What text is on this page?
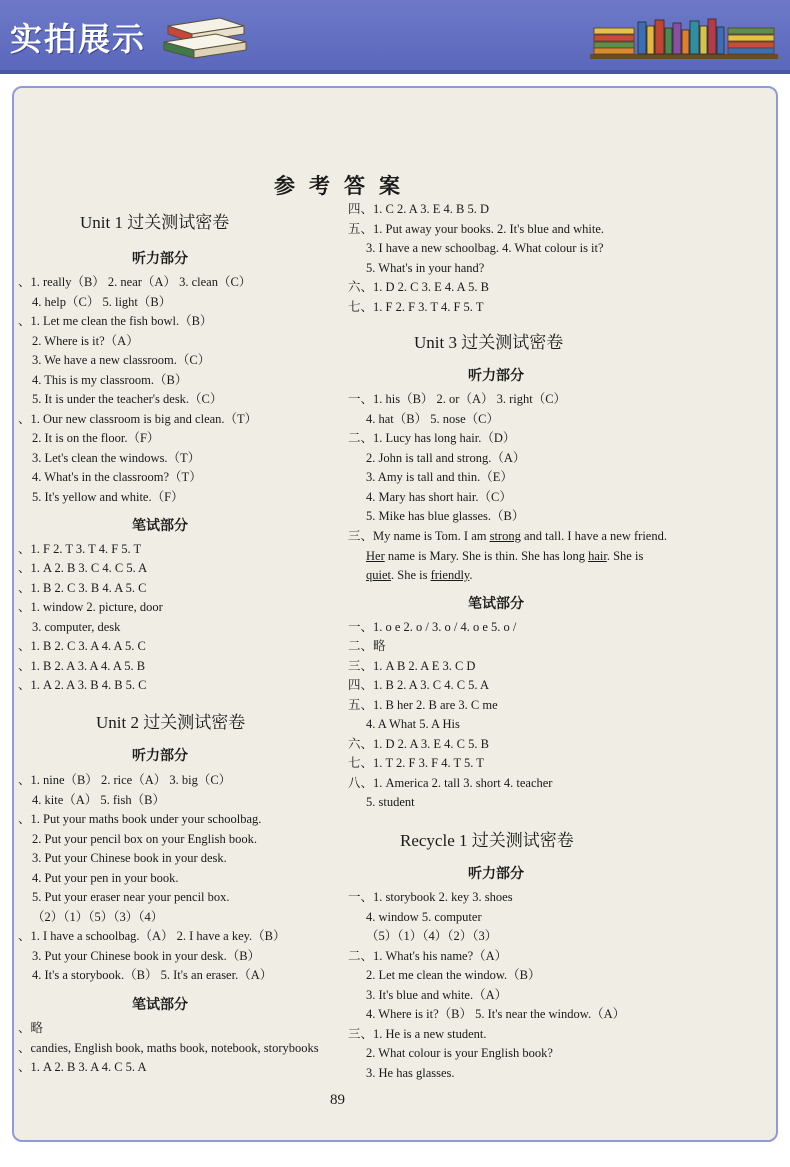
实拍展示
参考答案
Unit 1 过关测试密卷
听力部分
、1. really（B） 2. near（A） 3. clean（C）
4. help（C） 5. light（B）
、1. Let me clean the fish bowl.（B）
2. Where is it?（A）
3. We have a new classroom.（C）
4. This is my classroom.（B）
5. It is under the teacher's desk.（C）
、1. Our new classroom is big and clean.（T）
2. It is on the floor.（F）
3. Let's clean the windows.（T）
4. What's in the classroom?（T）
5. It's yellow and white.（F）
笔试部分
、1. F 2. T 3. T 4. F 5. T
、1. A 2. B 3. C 4. C 5. A
、1. B 2. C 3. B 4. A 5. C
、1. window 2. picture, door
3. computer, desk
、1. B 2. C 3. A 4. A 5. C
、1. B 2. A 3. A 4. A 5. B
、1. A 2. A 3. B 4. B 5. C
Unit 2 过关测试密卷
听力部分
、1. nine（B） 2. rice（A） 3. big（C）
4. kite（A） 5. fish（B）
、1. Put your maths book under your schoolbag.
2. Put your pencil box on your English book.
3. Put your Chinese book in your desk.
4. Put your pen in your book.
5. Put your eraser near your pencil box.
（2）（1）（5）（3）（4）
、1. I have a schoolbag.（A） 2. I have a key.（B）
3. Put your Chinese book in your desk.（B）
4. It's a storybook.（B） 5. It's an eraser.（A）
笔试部分
、略
、candies, English book, maths book, notebook, storybooks
、1. A 2. B 3. A 4. C 5. A
四、1. C 2. A 3. E 4. B 5. D
五、1. Put away your books. 2. It's blue and white.
3. I have a new schoolbag. 4. What colour is it?
5. What's in your hand?
六、1. D 2. C 3. E 4. A 5. B
七、1. F 2. F 3. T 4. F 5. T
Unit 3 过关测试密卷
听力部分
一、1. his（B） 2. or（A） 3. right（C）
4. hat（B） 5. nose（C）
二、1. Lucy has long hair.（D）
2. John is tall and strong.（A）
3. Amy is tall and thin.（E）
4. Mary has short hair.（C）
5. Mike has blue glasses.（B）
三、My name is Tom. I am strong and tall. I have a new friend.
Her name is Mary. She is thin. She has long hair. She is
quiet. She is friendly.
笔试部分
一、1. o e 2. o / 3. o / 4. o e 5. o /
二、略
三、1. A B 2. A E 3. C D
四、1. B 2. A 3. C 4. C 5. A
五、1. B her 2. B are 3. C me
4. A What 5. A His
六、1. D 2. A 3. E 4. C 5. B
七、1. T 2. F 3. F 4. T 5. T
八、1. America 2. tall 3. short 4. teacher
5. student
Recycle 1 过关测试密卷
听力部分
一、1. storybook 2. key 3. shoes
4. window 5. computer
（5）（1）（4）（2）（3）
二、1. What's his name?（A）
2. Let me clean the window.（B）
3. It's blue and white.（A）
4. Where is it?（B） 5. It's near the window.（A）
三、1. He is a new student.
2. What colour is your English book?
3. He has glasses.
89
